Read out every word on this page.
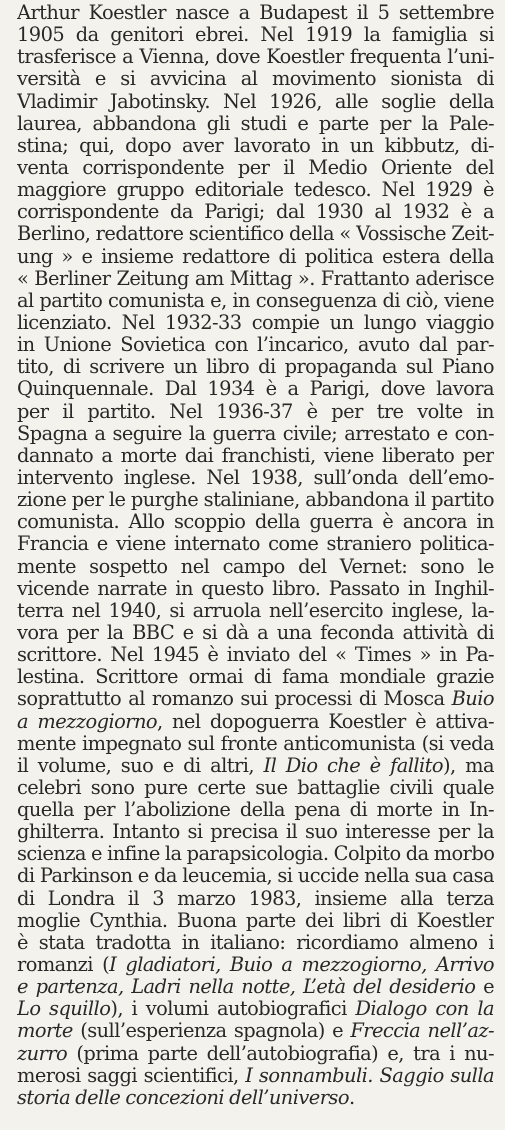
Arthur Koestler nasce a Budapest il 5 settembre
1905 da genitori ebrei. Nel 1919 la famiglia si
trasferisce a Vienna, dove Koestler frequenta l’uni-
versità e si avvicina al movimento sionista di
Vladimir Jabotinsky. Nel 1926, alle soglie della
laurea, abbandona gli studi e parte per la Pale-
stina; qui, dopo aver lavorato in un kibbutz, di-
venta corrispondente per il Medio Oriente del
maggiore gruppo editoriale tedesco. Nel 1929 è
corrispondente da Parigi; dal 1930 al 1932 è a
Berlino, redattore scientifico della « Vossische Zeit-
ung » e insieme redattore di politica estera della
« Berliner Zeitung am Mittag ». Frattanto aderisce
al partito comunista e, in conseguenza di ciò, viene
licenziato. Nel 1932-33 compie un lungo viaggio
in Unione Sovietica con l’incarico, avuto dal par-
tito, di scrivere un libro di propaganda sul Piano
Quinquennale. Dal 1934 è a Parigi, dove lavora
per il partito. Nel 1936-37 è per tre volte in
Spagna a seguire la guerra civile; arrestato e con-
dannato a morte dai franchisti, viene liberato per
intervento inglese. Nel 1938, sull’onda dell’emo-
zione per le purghe staliniane, abbandona il partito
comunista. Allo scoppio della guerra è ancora in
Francia e viene internato come straniero politica-
mente sospetto nel campo del Vernet: sono le
vicende narrate in questo libro. Passato in Inghil-
terra nel 1940, si arruola nell’esercito inglese, la-
vora per la BBC e si dà a una feconda attività di
scrittore. Nel 1945 è inviato del « Times » in Pa-
lestina. Scrittore ormai di fama mondiale grazie
soprattutto al romanzo sui processi di Mosca Buio
a mezzogiorno, nel dopoguerra Koestler è attiva-
mente impegnato sul fronte anticomunista (si veda
il volume, suo e di altri, Il Dio che è fallito), ma
celebri sono pure certe sue battaglie civili quale
quella per l’abolizione della pena di morte in In-
ghilterra. Intanto si precisa il suo interesse per la
scienza e infine la parapsicologia. Colpito da morbo
di Parkinson e da leucemia, si uccide nella sua casa
di Londra il 3 marzo 1983, insieme alla terza
moglie Cynthia. Buona parte dei libri di Koestler
è stata tradotta in italiano: ricordiamo almeno i
romanzi (I gladiatori, Buio a mezzogiorno, Arrivo
e partenza, Ladri nella notte, L’età del desiderio e
Lo squillo), i volumi autobiografici Dialogo con la
morte (sull’esperienza spagnola) e Freccia nell’az-
zurro (prima parte dell’autobiografia) e, tra i nu-
merosi saggi scientifici, I sonnambuli. Saggio sulla
storia delle concezioni dell’universo.
